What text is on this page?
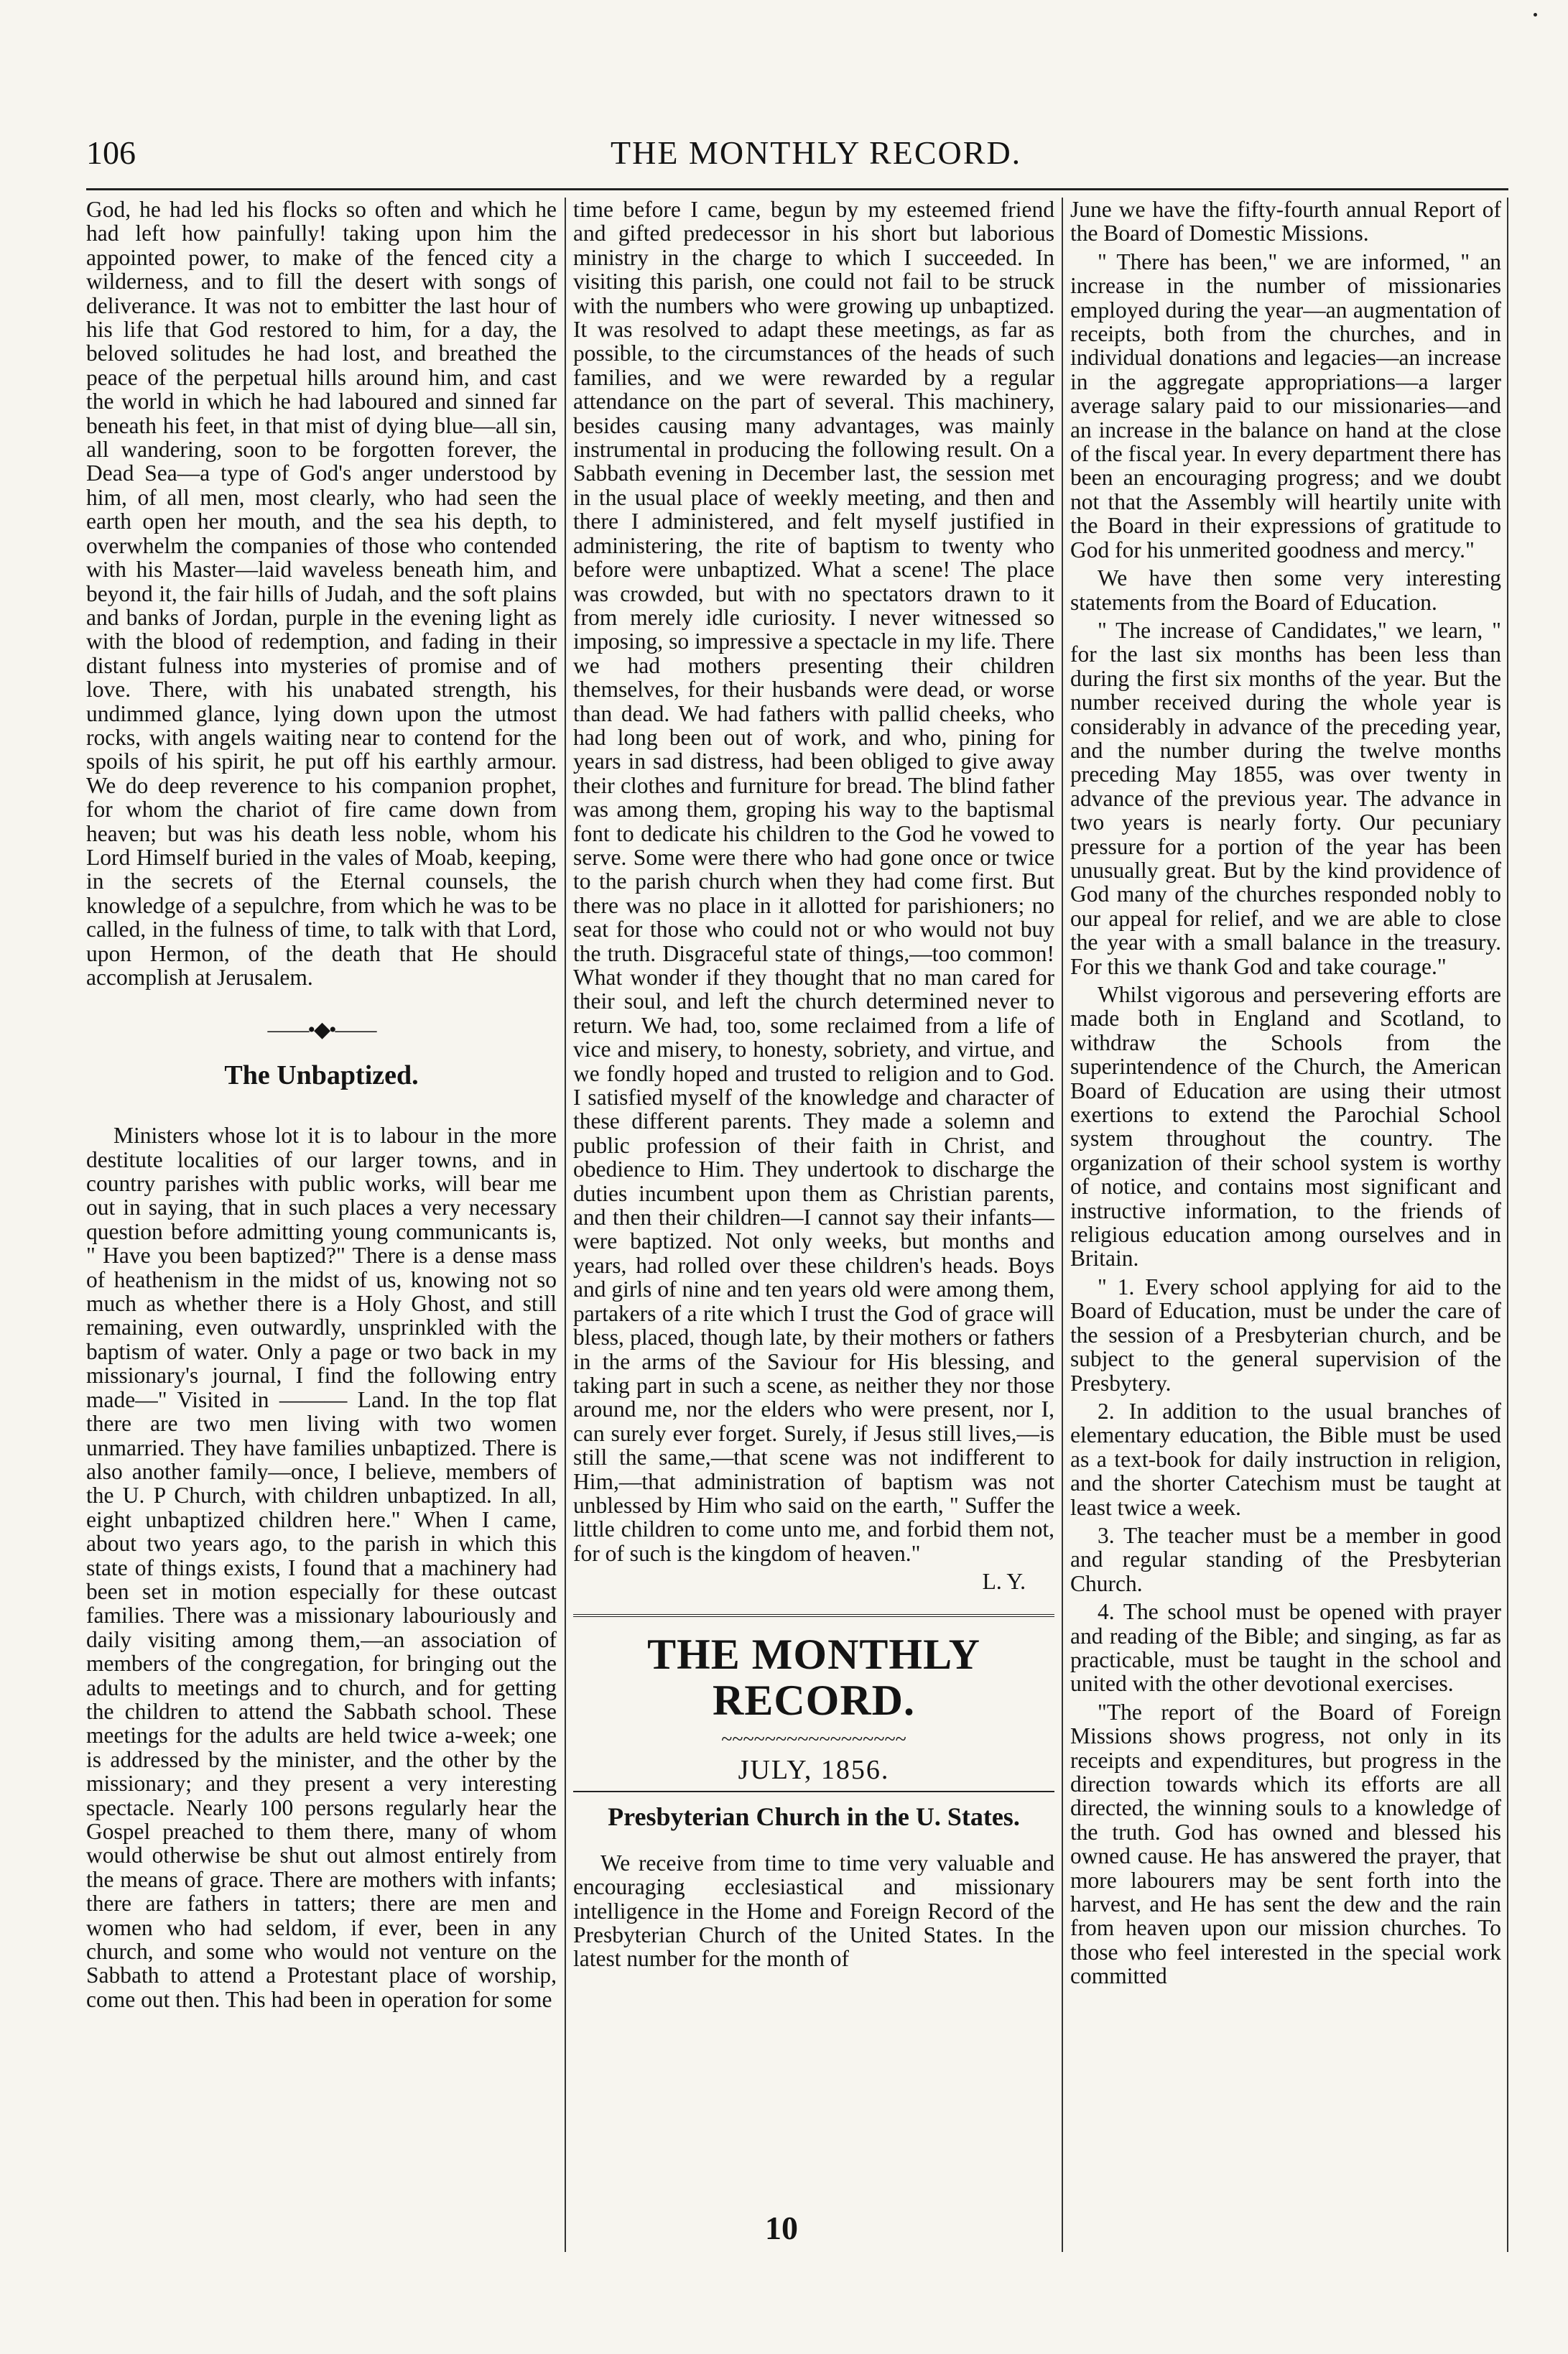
106	THE MONTHLY RECORD.

God, he had led his flocks so often and which he had left how painfully! taking upon him the appointed power, to make of the fenced city a wilderness, and to fill the desert with songs of deliverance. It was not to embitter the last hour of his life that God restored to him, for a day, the beloved solitudes he had lost, and breathed the peace of the perpetual hills around him, and cast the world in which he had laboured and sinned far beneath his feet, in that mist of dying blue—all sin, all wandering, soon to be forgotten forever, the Dead Sea—a type of God's anger understood by him, of all men, most clearly, who had seen the earth open her mouth, and the sea his depth, to overwhelm the companies of those who contended with his Master—laid waveless beneath him, and beyond it, the fair hills of Judah, and the soft plains and banks of Jordan, purple in the evening light as with the blood of redemption, and fading in their distant fulness into mysteries of promise and of love. There, with his unabated strength, his undimmed glance, lying down upon the utmost rocks, with angels waiting near to contend for the spoils of his spirit, he put off his earthly armour. We do deep reverence to his companion prophet, for whom the chariot of fire came down from heaven; but was his death less noble, whom his Lord Himself buried in the vales of Moab, keeping, in the secrets of the Eternal counsels, the knowledge of a sepulchre, from which he was to be called, in the fulness of time, to talk with that Lord, upon Hermon, of the death that He should accomplish at Jerusalem.

——•◆•——
The Unbaptized.

Ministers whose lot it is to labour in the more destitute localities of our larger towns, and in country parishes with public works, will bear me out in saying, that in such places a very necessary question before admitting young communicants is, " Have you been baptized?" There is a dense mass of heathenism in the midst of us, knowing not so much as whether there is a Holy Ghost, and still remaining, even outwardly, unsprinkled with the baptism of water. Only a page or two back in my missionary's journal, I find the following entry made—" Visited in ——— Land. In the top flat there are two men living with two women unmarried. They have families unbaptized. There is also another family—once, I believe, members of the U. P Church, with children unbaptized. In all, eight unbaptized children here." When I came, about two years ago, to the parish in which this state of things exists, I found that a machinery had been set in motion especially for these outcast families. There was a missionary labouriously and daily visiting among them,—an association of members of the congregation, for bringing out the adults to meetings and to church, and for getting the children to attend the Sabbath school. These meetings for the adults are held twice a-week; one is addressed by the minister, and the other by the missionary; and they present a very interesting spectacle. Nearly 100 persons regularly hear the Gospel preached to them there, many of whom would otherwise be shut out almost entirely from the means of grace. There are mothers with infants; there are fathers in tatters; there are men and women who had seldom, if ever, been in any church, and some who would not venture on the Sabbath to attend a Protestant place of worship, come out then. This had been in operation for some

time before I came, begun by my esteemed friend and gifted predecessor in his short but laborious ministry in the charge to which I succeeded. In visiting this parish, one could not fail to be struck with the numbers who were growing up unbaptized. It was resolved to adapt these meetings, as far as possible, to the circumstances of the heads of such families, and we were rewarded by a regular attendance on the part of several. This machinery, besides causing many advantages, was mainly instrumental in producing the following result. On a Sabbath evening in December last, the session met in the usual place of weekly meeting, and then and there I administered, and felt myself justified in administering, the rite of baptism to twenty who before were unbaptized. What a scene! The place was crowded, but with no spectators drawn to it from merely idle curiosity. I never witnessed so imposing, so impressive a spectacle in my life. There we had mothers presenting their children themselves, for their husbands were dead, or worse than dead. We had fathers with pallid cheeks, who had long been out of work, and who, pining for years in sad distress, had been obliged to give away their clothes and furniture for bread. The blind father was among them, groping his way to the baptismal font to dedicate his children to the God he vowed to serve. Some were there who had gone once or twice to the parish church when they had come first. But there was no place in it allotted for parishioners; no seat for those who could not or who would not buy the truth. Disgraceful state of things,—too common! What wonder if they thought that no man cared for their soul, and left the church determined never to return. We had, too, some reclaimed from a life of vice and misery, to honesty, sobriety, and virtue, and we fondly hoped and trusted to religion and to God. I satisfied myself of the knowledge and character of these different parents. They made a solemn and public profession of their faith in Christ, and obedience to Him. They undertook to discharge the duties incumbent upon them as Christian parents, and then their children—I cannot say their infants—were baptized. Not only weeks, but months and years, had rolled over these children's heads. Boys and girls of nine and ten years old were among them, partakers of a rite which I trust the God of grace will bless, placed, though late, by their mothers or fathers in the arms of the Saviour for His blessing, and taking part in such a scene, as neither they nor those around me, nor the elders who were present, nor I, can surely ever forget. Surely, if Jesus still lives,—is still the same,—that scene was not indifferent to Him,—that administration of baptism was not unblessed by Him who said on the earth, " Suffer the little children to come unto me, and forbid them not, for of such is the kingdom of heaven."

L. Y.
THE MONTHLY RECORD.
~~~~~~~~~~~~~~~~~
JULY, 1856.
Presbyterian Church in the U. States.

We receive from time to time very valuable and encouraging ecclesiastical and missionary intelligence in the Home and Foreign Record of the Presbyterian Church of the United States. In the latest number for the month of

June we have the fifty-fourth annual Report of the Board of Domestic Missions.

" There has been," we are informed, " an increase in the number of missionaries employed during the year—an augmentation of receipts, both from the churches, and in individual donations and legacies—an increase in the aggregate appropriations—a larger average salary paid to our missionaries—and an increase in the balance on hand at the close of the fiscal year. In every department there has been an encouraging progress; and we doubt not that the Assembly will heartily unite with the Board in their expressions of gratitude to God for his unmerited goodness and mercy."

We have then some very interesting statements from the Board of Education.

" The increase of Candidates," we learn, " for the last six months has been less than during the first six months of the year. But the number received during the whole year is considerably in advance of the preceding year, and the number during the twelve months preceding May 1855, was over twenty in advance of the previous year. The advance in two years is nearly forty. Our pecuniary pressure for a portion of the year has been unusually great. But by the kind providence of God many of the churches responded nobly to our appeal for relief, and we are able to close the year with a small balance in the treasury. For this we thank God and take courage."

Whilst vigorous and persevering efforts are made both in England and Scotland, to withdraw the Schools from the superintendence of the Church, the American Board of Education are using their utmost exertions to extend the Parochial School system throughout the country. The organization of their school system is worthy of notice, and contains most significant and instructive information, to the friends of religious education among ourselves and in Britain.

" 1. Every school applying for aid to the Board of Education, must be under the care of the session of a Presbyterian church, and be subject to the general supervision of the Presbytery.

2. In addition to the usual branches of elementary education, the Bible must be used as a text-book for daily instruction in religion, and the shorter Catechism must be taught at least twice a week.

3. The teacher must be a member in good and regular standing of the Presbyterian Church.

4. The school must be opened with prayer and reading of the Bible; and singing, as far as practicable, must be taught in the school and united with the other devotional exercises.

"The report of the Board of Foreign Missions shows progress, not only in its receipts and expenditures, but progress in the direction towards which its efforts are all directed, the winning souls to a knowledge of the truth. God has owned and blessed his owned cause. He has answered the prayer, that more labourers may be sent forth into the harvest, and He has sent the dew and the rain from heaven upon our mission churches. To those who feel interested in the special work committed

10
